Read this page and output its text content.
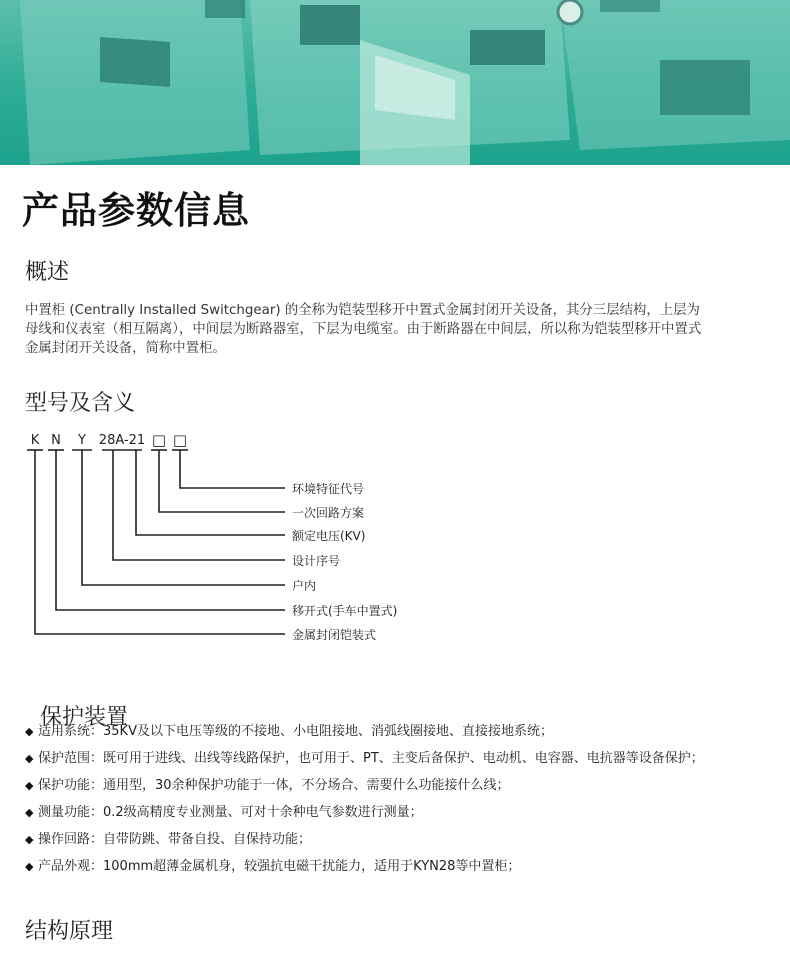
产品参数信息
概述

中置柜 (Centrally Installed Switchgear) 的全称为铠装型移开中置式金属封闭开关设备，其分三层结构，上层为母线和仪表室（相互隔离），中间层为断路器室，下层为电缆室。由于断路器在中间层，所以称为铠装型移开中置式金属封闭开关设备，简称中置柜。

型号及含义
K N Y 28A-21 □ □
环境特征代号
一次回路方案
额定电压(KV)
设计序号
户内
移开式(手车中置式)
金属封闭铠装式
保护装置
◆ 适用系统：35KV及以下电压等级的不接地、小电阻接地、消弧线圈接地、直接接地系统；
◆ 保护范围：既可用于进线、出线等线路保护，也可用于、PT、主变后备保护、电动机、电容器、电抗器等设备保护；
◆ 保护功能：通用型，30余种保护功能于一体，不分场合、需要什么功能接什么线；
◆ 测量功能：0.2级高精度专业测量、可对十余种电气参数进行测量；
◆ 操作回路：自带防跳、带备自投、自保持功能；
◆ 产品外观：100mm超薄金属机身，较强抗电磁干扰能力，适用于KYN28等中置柜；
结构原理
